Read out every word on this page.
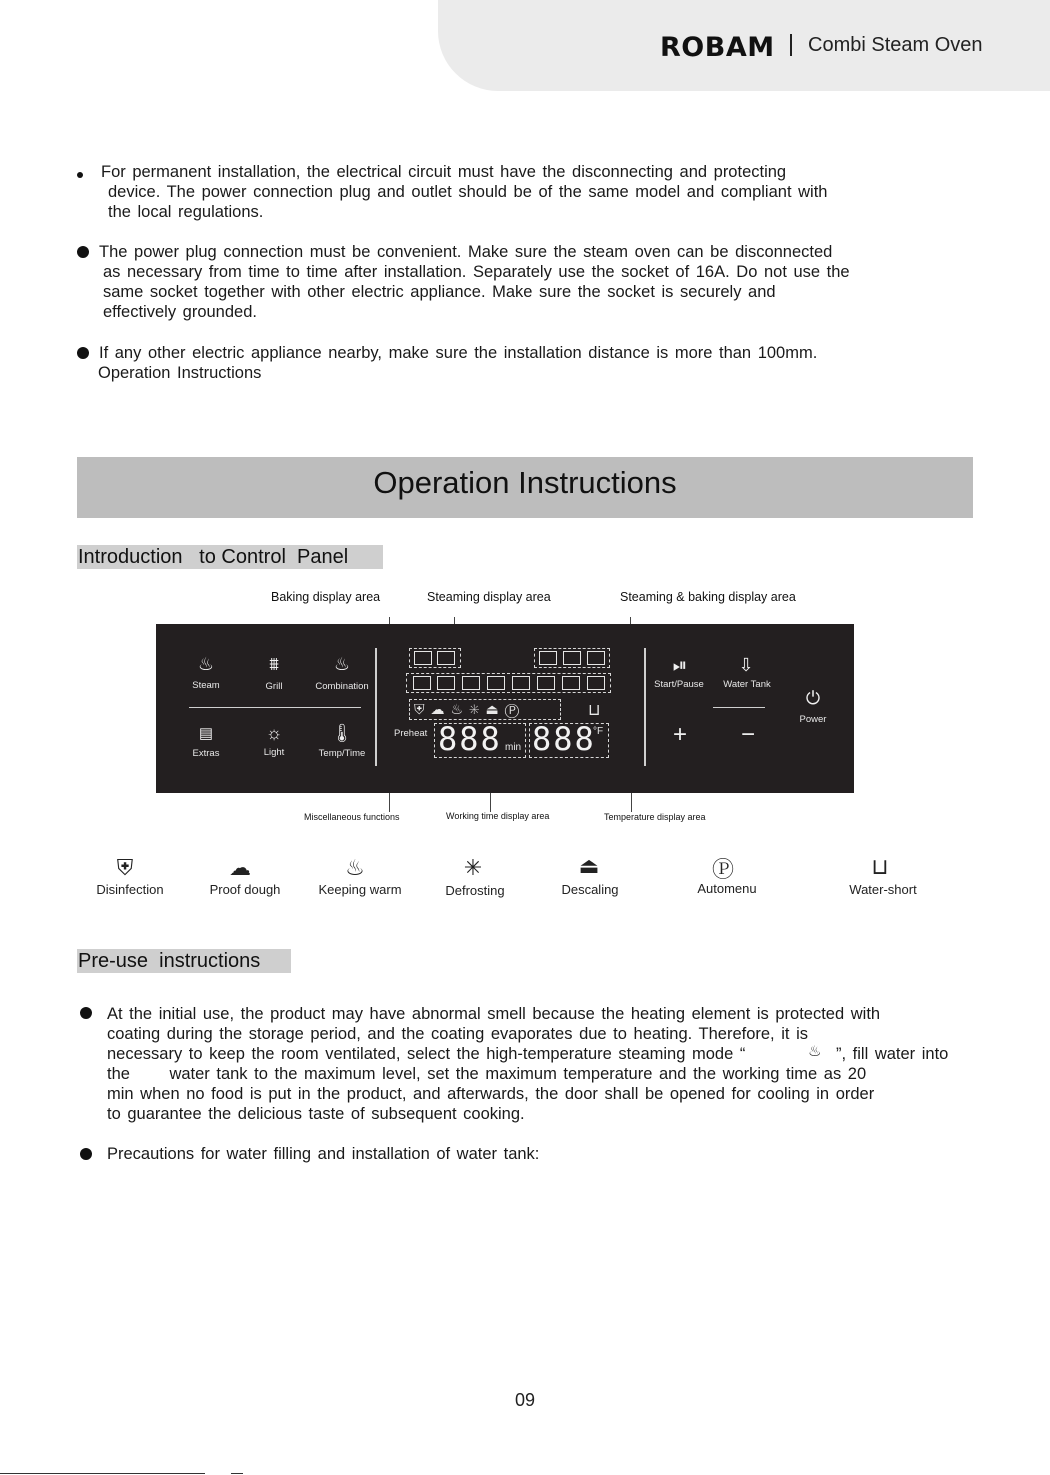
ROBAM Combi Steam Oven
For permanent installation, the electrical circuit must have the disconnecting and protecting
device. The power connection plug and outlet should be of the same model and compliant with
the local regulations.
The power plug connection must be convenient. Make sure the steam oven can be disconnected
as necessary from time to time after installation. Separately use the socket of 16A. Do not use the
same socket together with other electric appliance. Make sure the socket is securely and
effectively grounded.
If any other electric appliance nearby, make sure the installation distance is more than 100mm.
Operation Instructions
Operation Instructions
Introduction   to Control  Panel
Baking display area	Steaming display area	Steaming & baking display area
♨
Steam
⩩
Grill
♨
Combination
▤
Extras
☼
Light
🌡
Temp/Time
⛨☁♨✳⏏Ⓟ	⊔
Preheat 888 min 888
°F
⏯
Start/Pause
⇩
Water Tank
⏻
Power
+ −
Miscellaneous functions	Working time display area	Temperature display area
⛨
Disinfection
☁
Proof dough
♨
Keeping warm
✳
Defrosting
⏏
Descaling
Ⓟ
Automenu
⊔
Water-short
Pre-use  instructions
At the initial use, the product may have abnormal smell because the heating element is protected with
coating during the storage period, and the coating evaporates due to heating. Therefore, it is
necessary to keep the room ventilated, select the high-temperature steaming mode “	♨ ”, fill water into
the      water tank to the maximum level, set the maximum temperature and the working time as 20
min when no food is put in the product, and afterwards, the door shall be opened for cooling in order
to guarantee the delicious taste of subsequent cooking.
Precautions for water filling and installation of water tank:
09
